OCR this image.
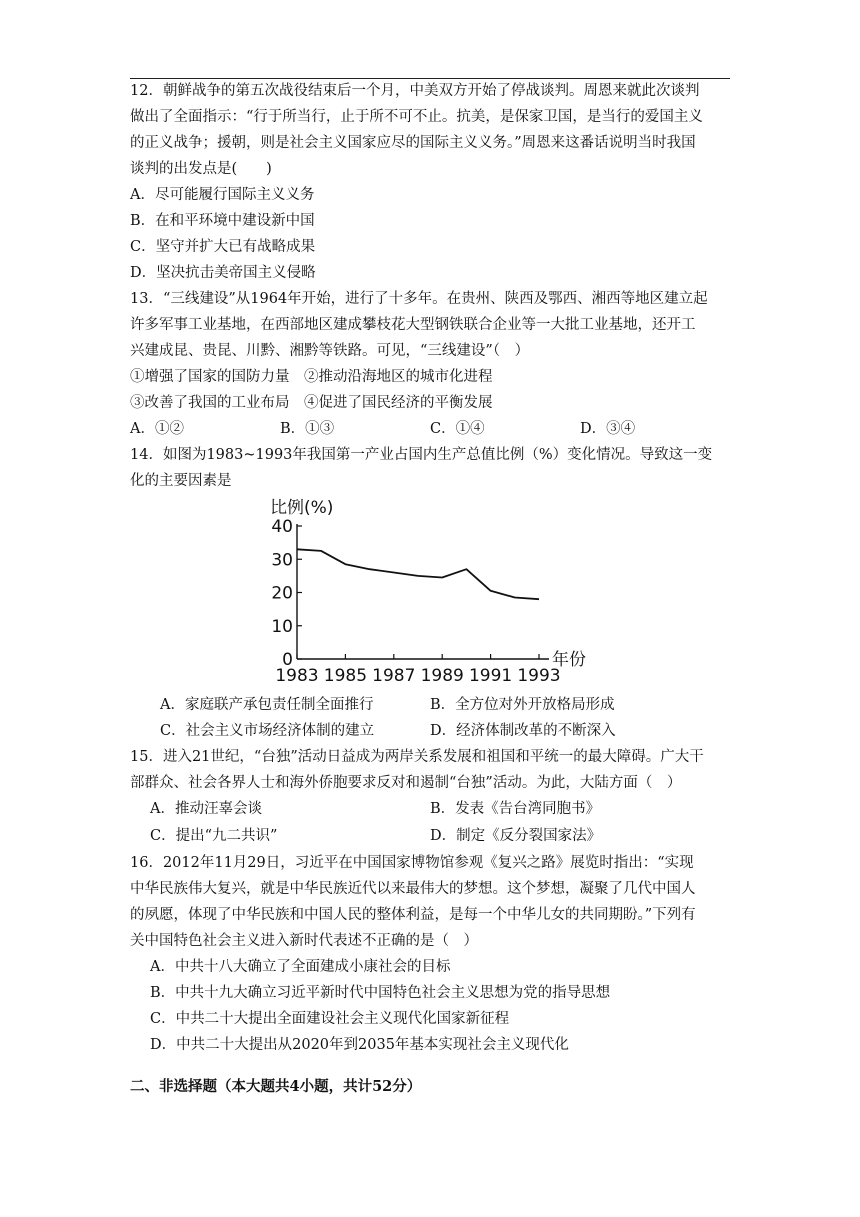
12．朝鲜战争的第五次战役结束后一个月，中美双方开始了停战谈判。周恩来就此次谈判
做出了全面指示：“行于所当行，止于所不可不止。抗美，是保家卫国，是当行的爱国主义
的正义战争；援朝，则是社会主义国家应尽的国际主义义务。”周恩来这番话说明当时我国
谈判的出发点是(　　)
A．尽可能履行国际主义义务
B．在和平环境中建设新中国
C．坚守并扩大已有战略成果
D．坚决抗击美帝国主义侵略
13．“三线建设”从1964年开始，进行了十多年。在贵州、陕西及鄂西、湘西等地区建立起
许多军事工业基地，在西部地区建成攀枝花大型钢铁联合企业等一大批工业基地，还开工
兴建成昆、贵昆、川黔、湘黔等铁路。可见，“三线建设”（　）
①增强了国家的国防力量　②推动沿海地区的城市化进程
③改善了我国的工业布局　④促进了国民经济的平衡发展
A．①②	B．①③	C．①④	D．③④
14．如图为1983~1993年我国第一产业占国内生产总值比例（%）变化情况。导致这一变
化的主要因素是
比例(%)
年份
0
10
20
30
40
1983 1985 1987 1989 1991 1993
A．家庭联产承包责任制全面推行	B．全方位对外开放格局形成
C．社会主义市场经济体制的建立	D．经济体制改革的不断深入
15．进入21世纪，“台独”活动日益成为两岸关系发展和祖国和平统一的最大障碍。广大干
部群众、社会各界人士和海外侨胞要求反对和遏制“台独”活动。为此，大陆方面（　）
A．推动汪辜会谈	B．发表《告台湾同胞书》
C．提出“九二共识”	D．制定《反分裂国家法》
16．2012年11月29日，习近平在中国国家博物馆参观《复兴之路》展览时指出：“实现
中华民族伟大复兴，就是中华民族近代以来最伟大的梦想。这个梦想，凝聚了几代中国人
的夙愿，体现了中华民族和中国人民的整体利益，是每一个中华儿女的共同期盼。”下列有
关中国特色社会主义进入新时代表述不正确的是（　）
A．中共十八大确立了全面建成小康社会的目标
B．中共十九大确立习近平新时代中国特色社会主义思想为党的指导思想
C．中共二十大提出全面建设社会主义现代化国家新征程
D．中共二十大提出从2020年到2035年基本实现社会主义现代化
二、非选择题（本大题共4小题，共计52分）
